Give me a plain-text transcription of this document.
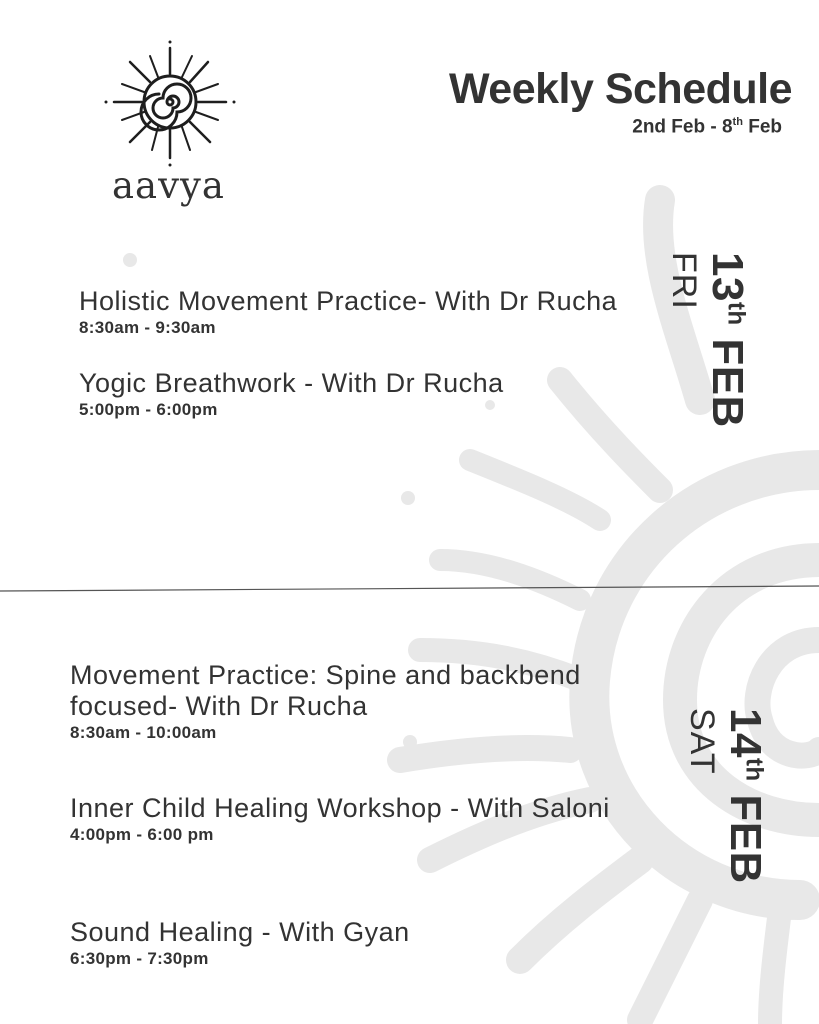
aavya
Weekly Schedule
2nd Feb - 8th Feb
Holistic Movement Practice- With Dr Rucha
8:30am - 9:30am
Yogic Breathwork - With Dr Rucha
5:00pm - 6:00pm
13th FEB
FRI
Movement Practice: Spine and backbend focused- With Dr Rucha
8:30am - 10:00am
Inner Child Healing Workshop - With Saloni
4:00pm - 6:00 pm
Sound Healing - With Gyan
6:30pm - 7:30pm
14th FEB
SAT
